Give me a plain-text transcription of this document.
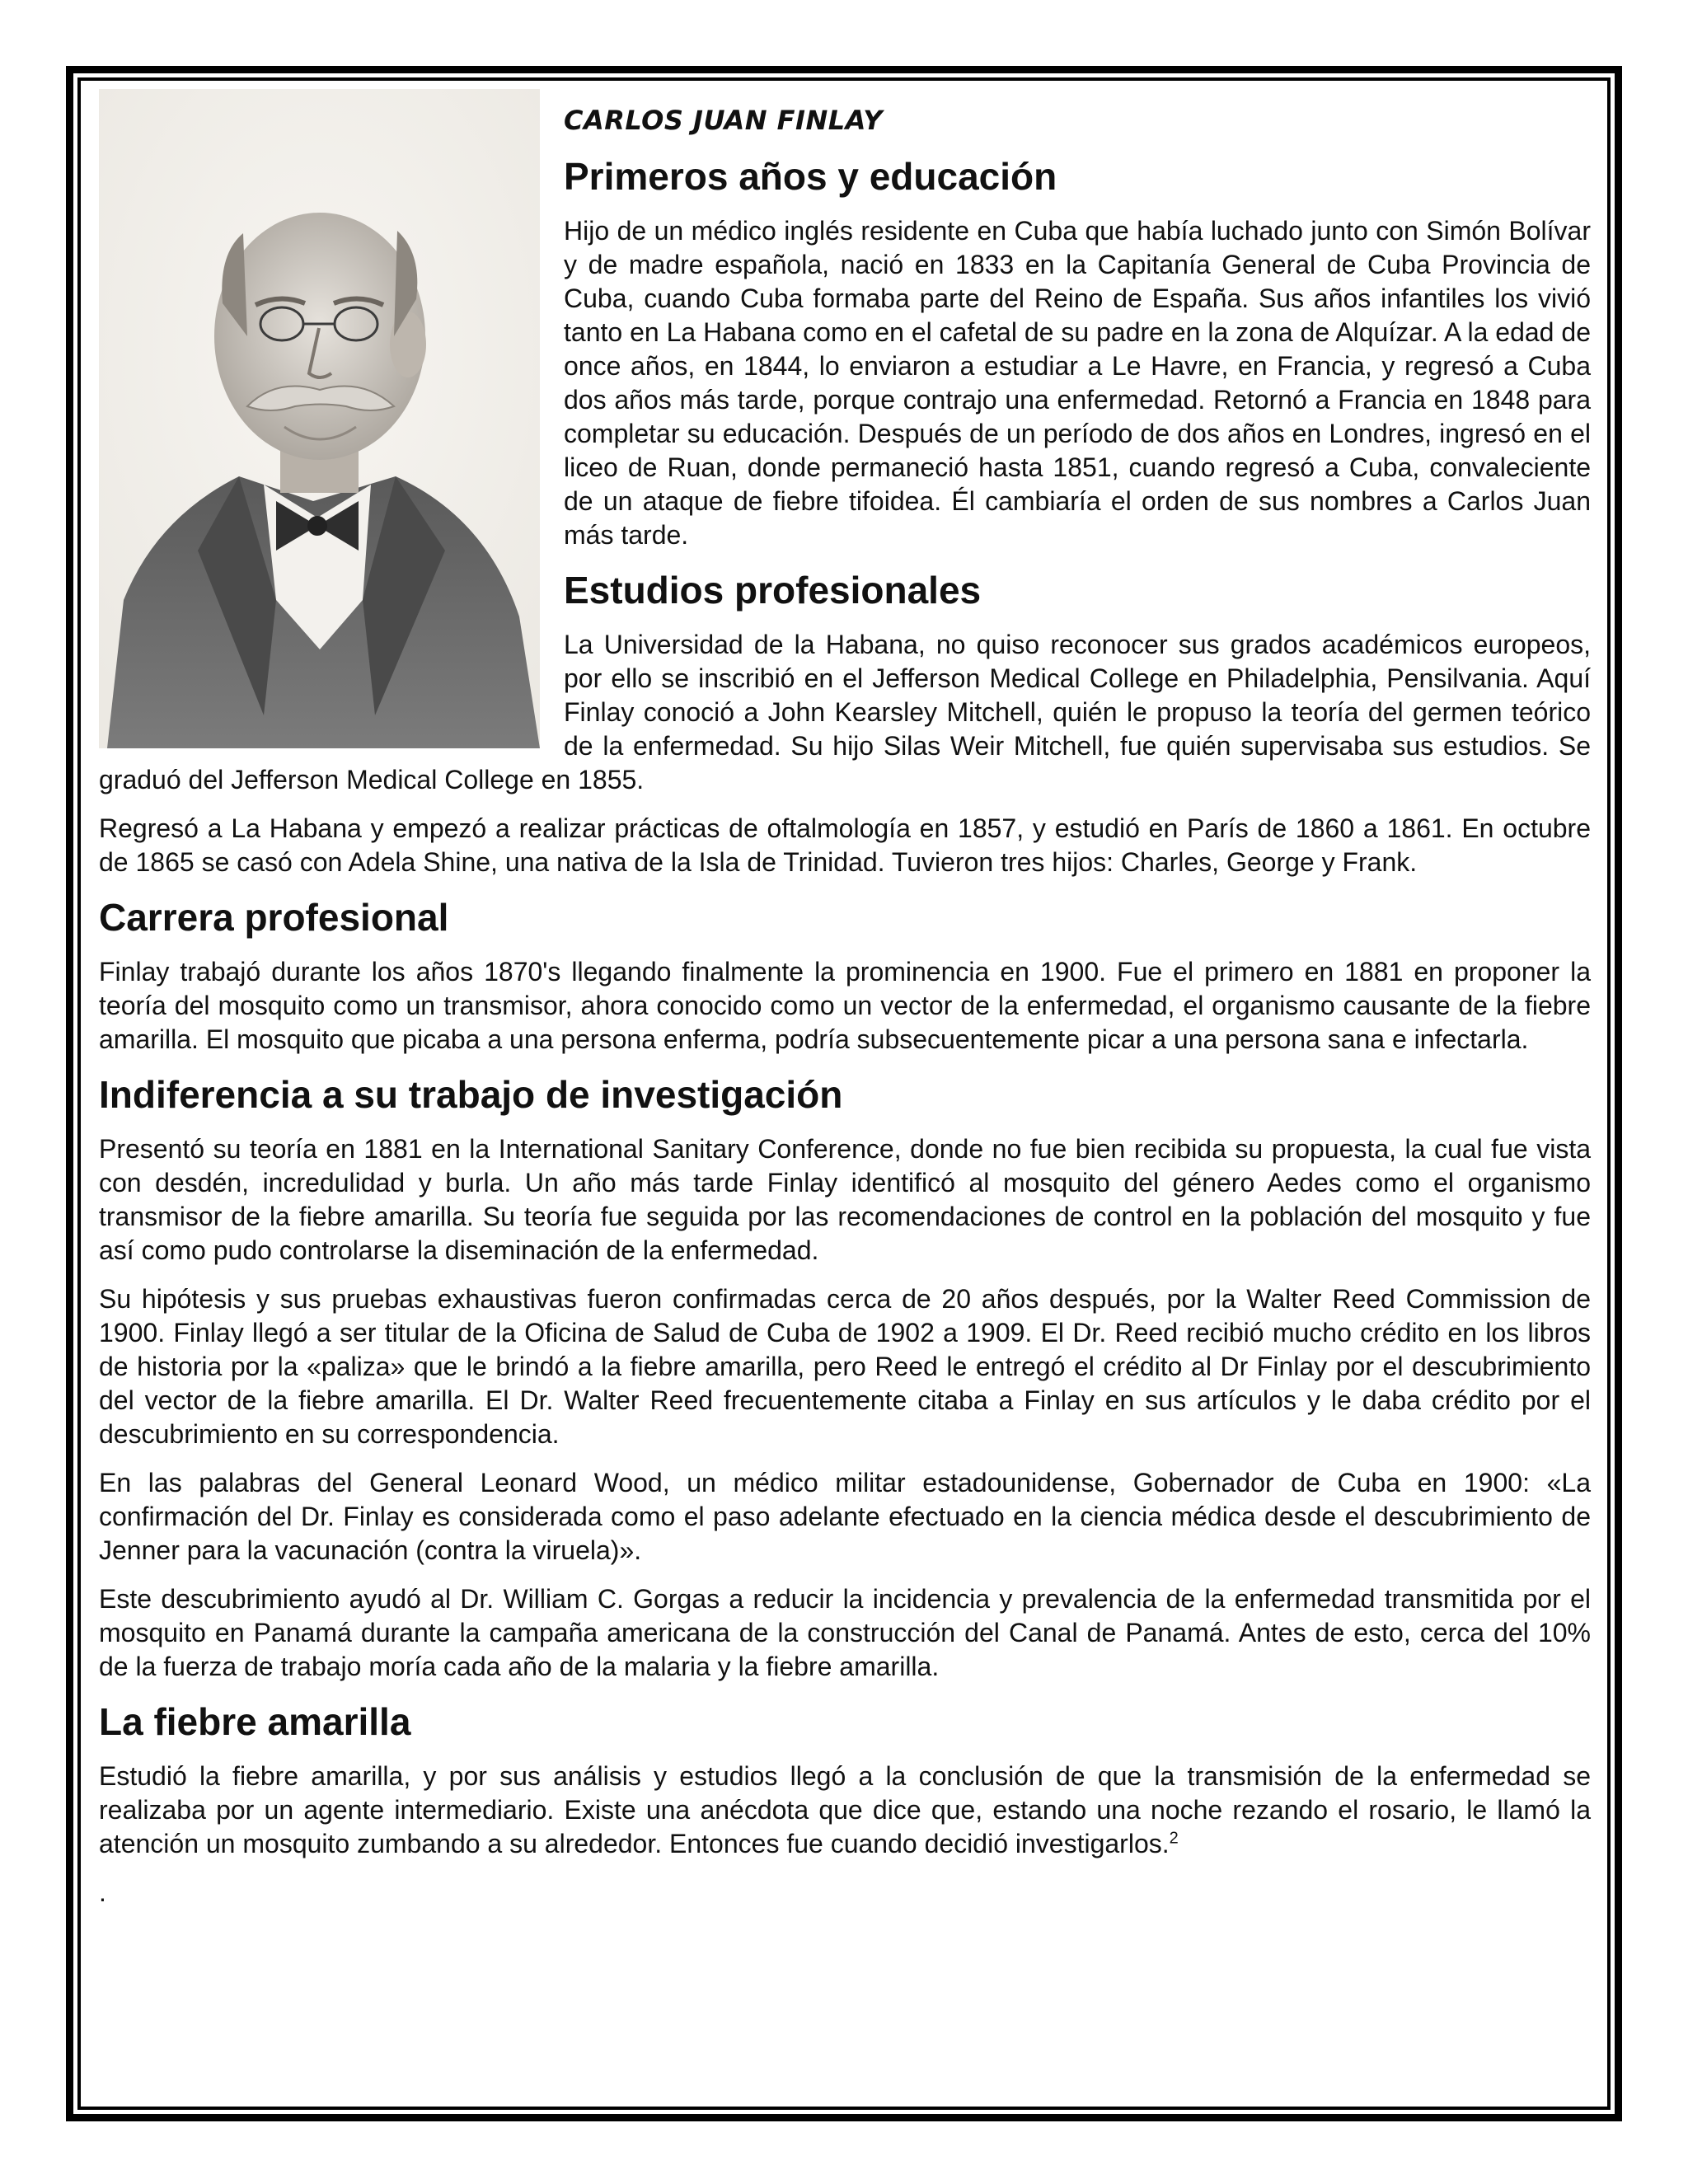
CARLOS JUAN FINLAY
Primeros años y educación

Hijo de un médico inglés residente en Cuba que había luchado junto con Simón Bolívar y de madre española, nació en 1833 en la Capitanía General de Cuba Provincia de Cuba, cuando Cuba formaba parte del Reino de España. Sus años infantiles los vivió tanto en La Habana como en el cafetal de su padre en la zona de Alquízar. A la edad de once años, en 1844, lo enviaron a estudiar a Le Havre, en Francia, y regresó a Cuba dos años más tarde, porque contrajo una enfermedad. Retornó a Francia en 1848 para completar su educación. Después de un período de dos años en Londres, ingresó en el liceo de Ruan, donde permaneció hasta 1851, cuando regresó a Cuba, convaleciente de un ataque de fiebre tifoidea. Él cambiaría el orden de sus nombres a Carlos Juan más tarde.

Estudios profesionales

La Universidad de la Habana, no quiso reconocer sus grados académicos europeos, por ello se inscribió en el Jefferson Medical College en Philadelphia, Pensilvania. Aquí Finlay conoció a John Kearsley Mitchell, quién le propuso la teoría del germen teórico de la enfermedad. Su hijo Silas Weir Mitchell, fue quién supervisaba sus estudios. Se graduó del Jefferson Medical College en 1855.

Regresó a La Habana y empezó a realizar prácticas de oftalmología en 1857, y estudió en París de 1860 a 1861. En octubre de 1865 se casó con Adela Shine, una nativa de la Isla de Trinidad. Tuvieron tres hijos: Charles, George y Frank.

Carrera profesional

Finlay trabajó durante los años 1870's llegando finalmente la prominencia en 1900. Fue el primero en 1881 en proponer la teoría del mosquito como un transmisor, ahora conocido como un vector de la enfermedad, el organismo causante de la fiebre amarilla. El mosquito que picaba a una persona enferma, podría subsecuentemente picar a una persona sana e infectarla.

Indiferencia a su trabajo de investigación

Presentó su teoría en 1881 en la International Sanitary Conference, donde no fue bien recibida su propuesta, la cual fue vista con desdén, incredulidad y burla. Un año más tarde Finlay identificó al mosquito del género Aedes como el organismo transmisor de la fiebre amarilla. Su teoría fue seguida por las recomendaciones de control en la población del mosquito y fue así como pudo controlarse la diseminación de la enfermedad.

Su hipótesis y sus pruebas exhaustivas fueron confirmadas cerca de 20 años después, por la Walter Reed Commission de 1900. Finlay llegó a ser titular de la Oficina de Salud de Cuba de 1902 a 1909. El Dr. Reed recibió mucho crédito en los libros de historia por la «paliza» que le brindó a la fiebre amarilla, pero Reed le entregó el crédito al Dr Finlay por el descubrimiento del vector de la fiebre amarilla. El Dr. Walter Reed frecuentemente citaba a Finlay en sus artículos y le daba crédito por el descubrimiento en su correspondencia.

En las palabras del General Leonard Wood, un médico militar estadounidense, Gobernador de Cuba en 1900: «La confirmación del Dr. Finlay es considerada como el paso adelante efectuado en la ciencia médica desde el descubrimiento de Jenner para la vacunación (contra la viruela)».

Este descubrimiento ayudó al Dr. William C. Gorgas a reducir la incidencia y prevalencia de la enfermedad transmitida por el mosquito en Panamá durante la campaña americana de la construcción del Canal de Panamá. Antes de esto, cerca del 10% de la fuerza de trabajo moría cada año de la malaria y la fiebre amarilla.

La fiebre amarilla

Estudió la fiebre amarilla, y por sus análisis y estudios llegó a la conclusión de que la transmisión de la enfermedad se realizaba por un agente intermediario. Existe una anécdota que dice que, estando una noche rezando el rosario, le llamó la atención un mosquito zumbando a su alrededor. Entonces fue cuando decidió investigarlos.$^2$

.
